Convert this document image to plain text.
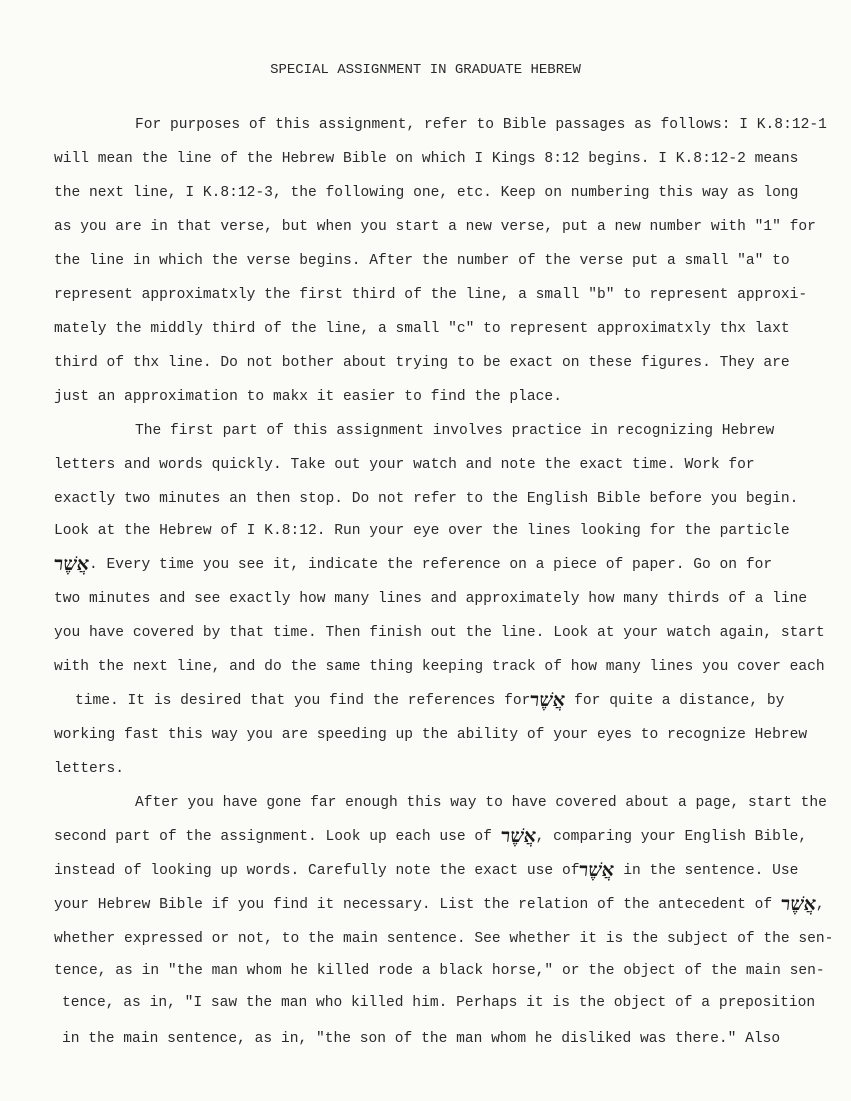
SPECIAL ASSIGNMENT IN GRADUATE HEBREW
For purposes of this assignment, refer to Bible passages as follows: I K.8:12-1
will mean the line of the Hebrew Bible on which I Kings 8:12 begins. I K.8:12-2 means
the next line, I K.8:12-3, the following one, etc. Keep on numbering this way as long
as you are in that verse, but when you start a new verse, put a new number with "1" for
the line in which the verse begins. After the number of the verse put a small "a" to
represent approximatxly the first third of the line, a small "b" to represent approxi-
mately the middly third of the line, a small "c" to represent approximatxly thx laxt
third of thx line. Do not bother about trying to be exact on these figures. They are
just an approximation to makx it easier to find the place.
The first part of this assignment involves practice in recognizing Hebrew
letters and words quickly. Take out your watch and note the exact time. Work for
exactly two minutes an then stop. Do not refer to the English Bible before you begin.
Look at the Hebrew of I K.8:12. Run your eye over the lines looking for the particle
אֲשֶׁר. Every time you see it, indicate the reference on a piece of paper. Go on for
two minutes and see exactly how many lines and approximately how many thirds of a line
you have covered by that time. Then finish out the line. Look at your watch again, start
with the next line, and do the same thing keeping track of how many lines you cover each
time. It is desired that you find the references forאֲשֶׁר for quite a distance, by
working fast this way you are speeding up the ability of your eyes to recognize Hebrew
letters.
After you have gone far enough this way to have covered about a page, start the
second part of the assignment. Look up each use of אֲשֶׁר, comparing your English Bible,
instead of looking up words. Carefully note the exact use ofאֲשֶׁר in the sentence. Use
your Hebrew Bible if you find it necessary. List the relation of the antecedent of אֲשֶׁר,
whether expressed or not, to the main sentence. See whether it is the subject of the sen-
tence, as in "the man whom he killed rode a black horse," or the object of the main sen-
tence, as in, "I saw the man who killed him. Perhaps it is the object of a preposition
in the main sentence, as in, "the son of the man whom he disliked was there." Also
